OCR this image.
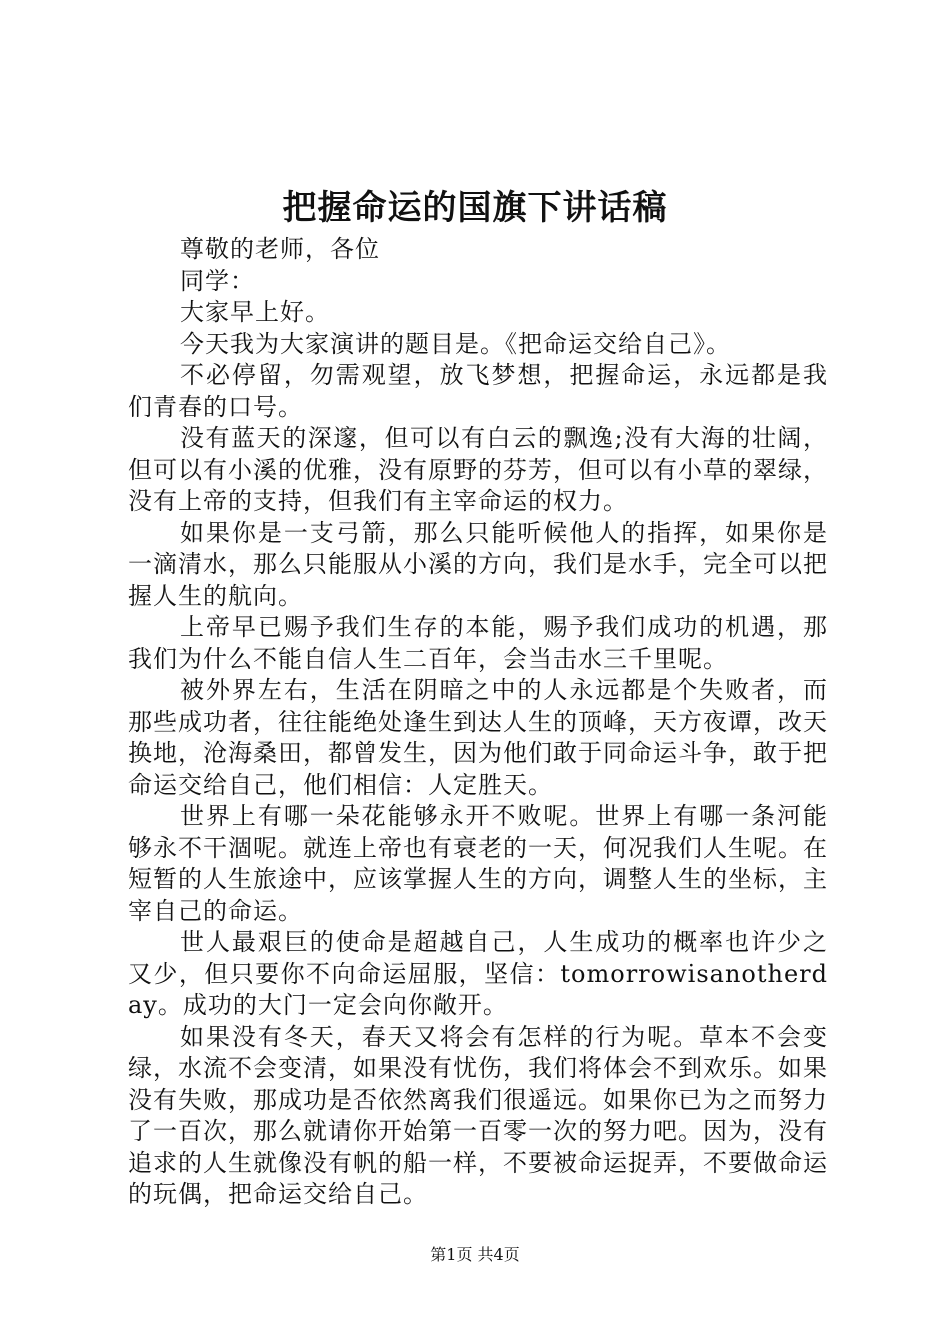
把握命运的国旗下讲话稿

尊敬的老师，各位

同学：

大家早上好。

今天我为大家演讲的题目是。《把命运交给自己》。

不必停留，勿需观望，放飞梦想，把握命运，永远都是我们青春的口号。

没有蓝天的深邃，但可以有白云的飘逸;没有大海的壮阔，但可以有小溪的优雅，没有原野的芬芳，但可以有小草的翠绿，没有上帝的支持，但我们有主宰命运的权力。

如果你是一支弓箭，那么只能听候他人的指挥，如果你是一滴清水，那么只能服从小溪的方向，我们是水手，完全可以把握人生的航向。

上帝早已赐予我们生存的本能，赐予我们成功的机遇，那我们为什么不能自信人生二百年，会当击水三千里呢。

被外界左右，生活在阴暗之中的人永远都是个失败者，而那些成功者，往往能绝处逢生到达人生的顶峰，天方夜谭，改天换地，沧海桑田，都曾发生，因为他们敢于同命运斗争，敢于把命运交给自己，他们相信：人定胜天。

世界上有哪一朵花能够永开不败呢。世界上有哪一条河能够永不干涸呢。就连上帝也有衰老的一天，何况我们人生呢。在短暂的人生旅途中，应该掌握人生的方向，调整人生的坐标，主宰自己的命运。

世人最艰巨的使命是超越自己，人生成功的概率也许少之又少，但只要你不向命运屈服，坚信：tomorrowisanotherday。成功的大门一定会向你敞开。

如果没有冬天，春天又将会有怎样的行为呢。草本不会变绿，水流不会变清，如果没有忧伤，我们将体会不到欢乐。如果没有失败，那成功是否依然离我们很遥远。如果你已为之而努力了一百次，那么就请你开始第一百零一次的努力吧。因为，没有追求的人生就像没有帆的船一样，不要被命运捉弄，不要做命运的玩偶，把命运交给自己。

第1页 共4页
